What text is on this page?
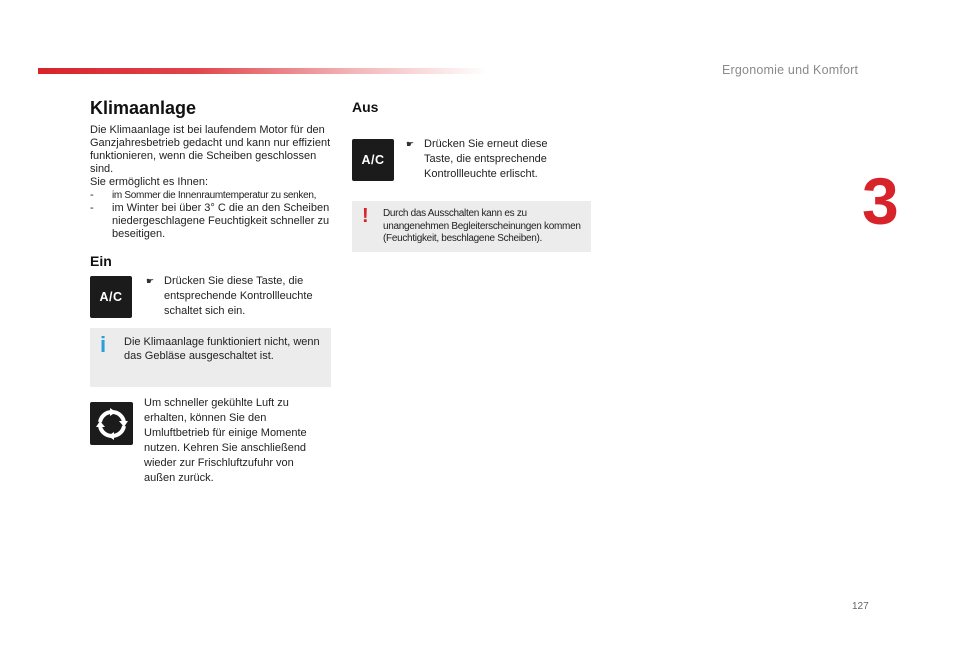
Ergonomie und Komfort
3
Klimaanlage

Die Klimaanlage ist bei laufendem Motor für den Ganzjahresbetrieb gedacht und kann nur effizient funktionieren, wenn die Scheiben geschlossen sind.

Sie ermöglicht es Ihnen:

-	im Sommer die Innenraumtemperatur zu senken,
-	im Winter bei über 3° C die an den Scheiben niedergeschlagene Feuchtigkeit schneller zu beseitigen.
Ein
A/C
☛ Drücken Sie diese Taste, die entsprechende Kontrollleuchte schaltet sich ein.
i Die Klimaanlage funktioniert nicht, wenn das Gebläse ausgeschaltet ist.
Um schneller gekühlte Luft zu erhalten, können Sie den Umluftbetrieb für einige Momente nutzen. Kehren Sie anschließend wieder zur Frischluftzufuhr von außen zurück.
Aus
A/C
☛ Drücken Sie erneut diese Taste, die entsprechende Kontrollleuchte erlischt.
! Durch das Ausschalten kann es zu unangenehmen Begleiterscheinungen kommen (Feuchtigkeit, beschlagene Scheiben).
127
